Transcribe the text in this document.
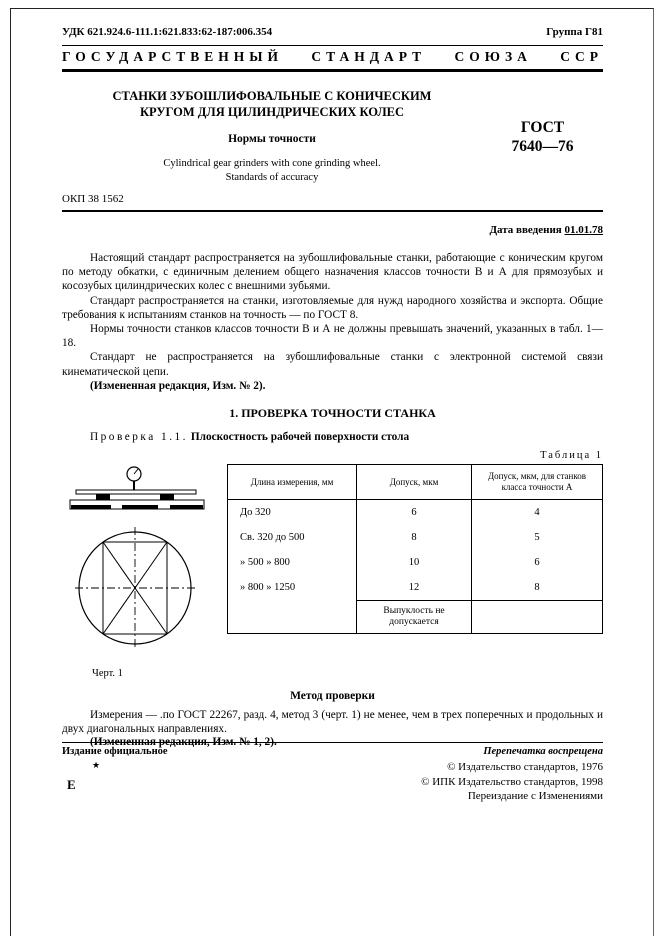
УДК 621.924.6-111.1:621.833:62-187:006.354	Группа Г81
ГОСУДАРСТВЕННЫЙ СТАНДАРТ СОЮЗА ССР
СТАНКИ ЗУБОШЛИФОВАЛЬНЫЕ С КОНИЧЕСКИМ
КРУГОМ ДЛЯ ЦИЛИНДРИЧЕСКИХ КОЛЕС
Нормы точности
Cylindrical gear grinders with cone grinding wheel.
Standards of accuracy
ГОСТ
7640—76
ОКП 38 1562
Дата введения 01.01.78

Настоящий стандарт распространяется на зубошлифовальные станки, работающие с коническим кругом по методу обкатки, с единичным делением общего назначения классов точности В и А для прямозубых и косозубых цилиндрических колес с внешними зубьями.

Стандарт распространяется на станки, изготовляемые для нужд народного хозяйства и экспорта. Общие требования к испытаниям станков на точность — по ГОСТ 8.

Нормы точности станков классов точности В и А не должны превышать значений, указанных в табл. 1—18.

Стандарт не распространяется на зубошлифовальные станки с электронной системой связи кинематической цепи.

(Измененная редакция, Изм. № 2).

1. ПРОВЕРКА ТОЧНОСТИ СТАНКА

Проверка 1.1. Плоскостность рабочей поверхности стола

Таблица 1

Черт. 1
Длина измерения, мм	Допуск, мкм	Допуск, мкм, для станков класса точности А
До 320	6	4
Св. 320 до 500	8	5
» 500 » 800	10	6
» 800 » 1250	12	8
	Выпуклость не допускается	
Метод проверки

Измерения — .по ГОСТ 22267, разд. 4, метод 3 (черт. 1) не менее, чем в трех поперечных и продольных и двух диагональных направлениях.

(Измененная редакция, Изм. № 1, 2).

Издание официальное	Перепечатка воспрещена
★
Е
© Издательство стандартов, 1976
© ИПК Издательство стандартов, 1998
Переиздание с Изменениями
